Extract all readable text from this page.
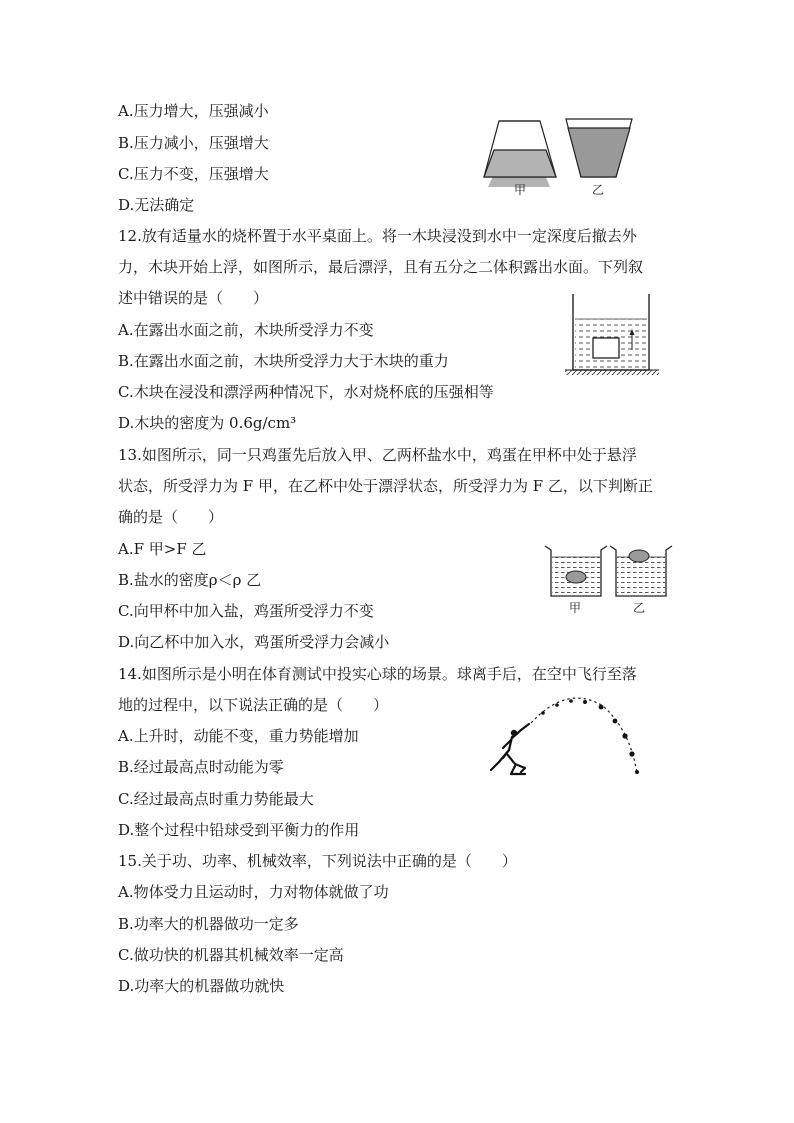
A.压力增大，压强减小
B.压力减小，压强增大
C.压力不变，压强增大
D.无法确定
甲	乙
12.放有适量水的烧杯置于水平桌面上。将一木块浸没到水中一定深度后撤去外
力，木块开始上浮，如图所示，最后漂浮，且有五分之二体积露出水面。下列叙
述中错误的是（　　）
A.在露出水面之前，木块所受浮力不变
B.在露出水面之前，木块所受浮力大于木块的重力
C.木块在浸没和漂浮两种情况下，水对烧杯底的压强相等
D.木块的密度为 0.6g/cm³
13.如图所示，同一只鸡蛋先后放入甲、乙两杯盐水中，鸡蛋在甲杯中处于悬浮
状态，所受浮力为 F 甲，在乙杯中处于漂浮状态，所受浮力为 F 乙，以下判断正
确的是（　　）
A.F 甲>F 乙
B.盐水的密度ρ＜ρ 乙
C.向甲杯中加入盐，鸡蛋所受浮力不变
D.向乙杯中加入水，鸡蛋所受浮力会减小
甲	乙
14.如图所示是小明在体育测试中投实心球的场景。球离手后，在空中飞行至落
地的过程中，以下说法正确的是（　　）
A.上升时，动能不变，重力势能增加
B.经过最高点时动能为零
C.经过最高点时重力势能最大
D.整个过程中铅球受到平衡力的作用
15.关于功、功率、机械效率，下列说法中正确的是（　　）
A.物体受力且运动时，力对物体就做了功
B.功率大的机器做功一定多
C.做功快的机器其机械效率一定高
D.功率大的机器做功就快
